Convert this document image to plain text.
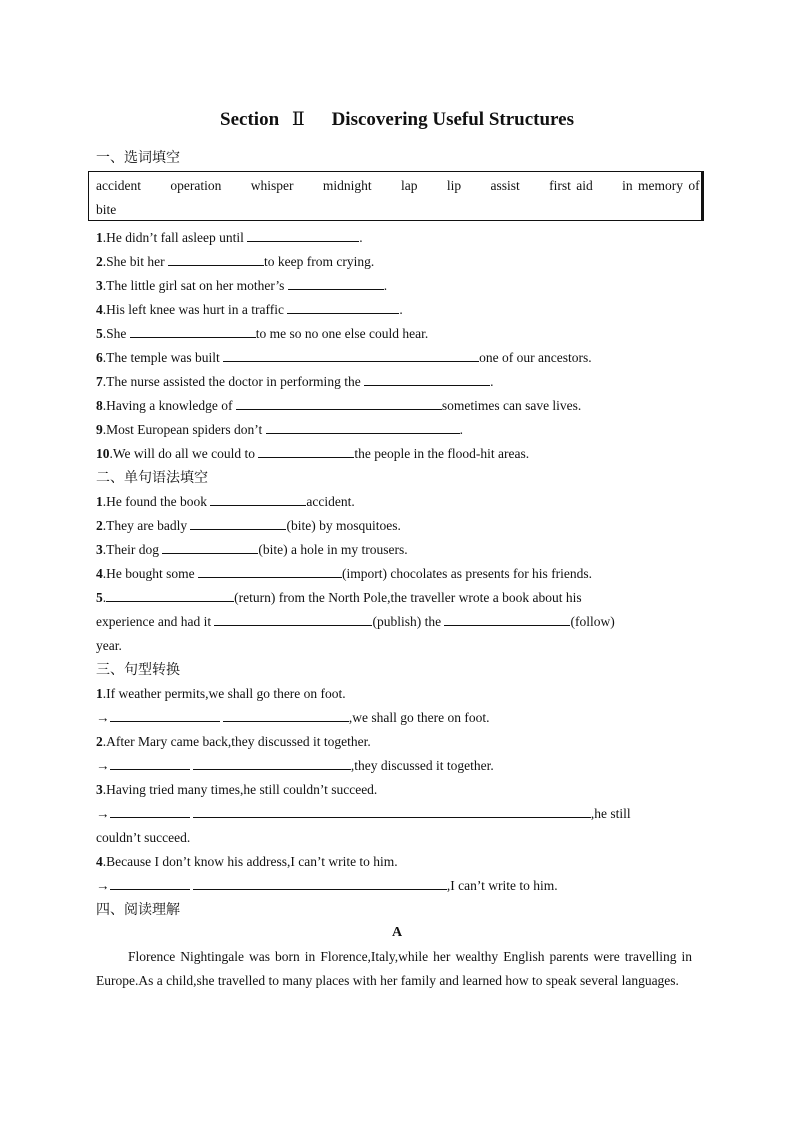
Section Ⅱ Discovering Useful Structures
一、选词填空
accident operation whisper midnight lap lip assist first aid in memory of
bite
1.He didn’t fall asleep until	.
2.She bit her	to keep from crying.
3.The little girl sat on her mother’s	.
4.His left knee was hurt in a traffic	.
5.She	to me so no one else could hear.
6.The temple was built	one of our ancestors.
7.The nurse assisted the doctor in performing the	.
8.Having a knowledge of	sometimes can save lives.
9.Most European spiders don’t	.
10.We will do all we could to	the people in the flood-hit areas.
二、单句语法填空
1.He found the book	accident.
2.They are badly	(bite) by mosquitoes.
3.Their dog	(bite) a hole in my trousers.
4.He bought some	(import) chocolates as presents for his friends.
5.	(return) from the North Pole,the traveller wrote a book about his
experience and had it	(publish) the	(follow)
year.
三、句型转换
1.If weather permits,we shall go there on foot.
→	,we shall go there on foot.
2.After Mary came back,they discussed it together.
→	,they discussed it together.
3.Having tried many times,he still couldn’t succeed.
→	,he still
couldn’t succeed.
4.Because I don’t know his address,I can’t write to him.
→	,I can’t write to him.
四、阅读理解
A
Florence Nightingale was born in Florence,Italy,while her wealthy English parents were travelling in Europe.As a child,she travelled to many places with her family and learned how to speak several languages.
